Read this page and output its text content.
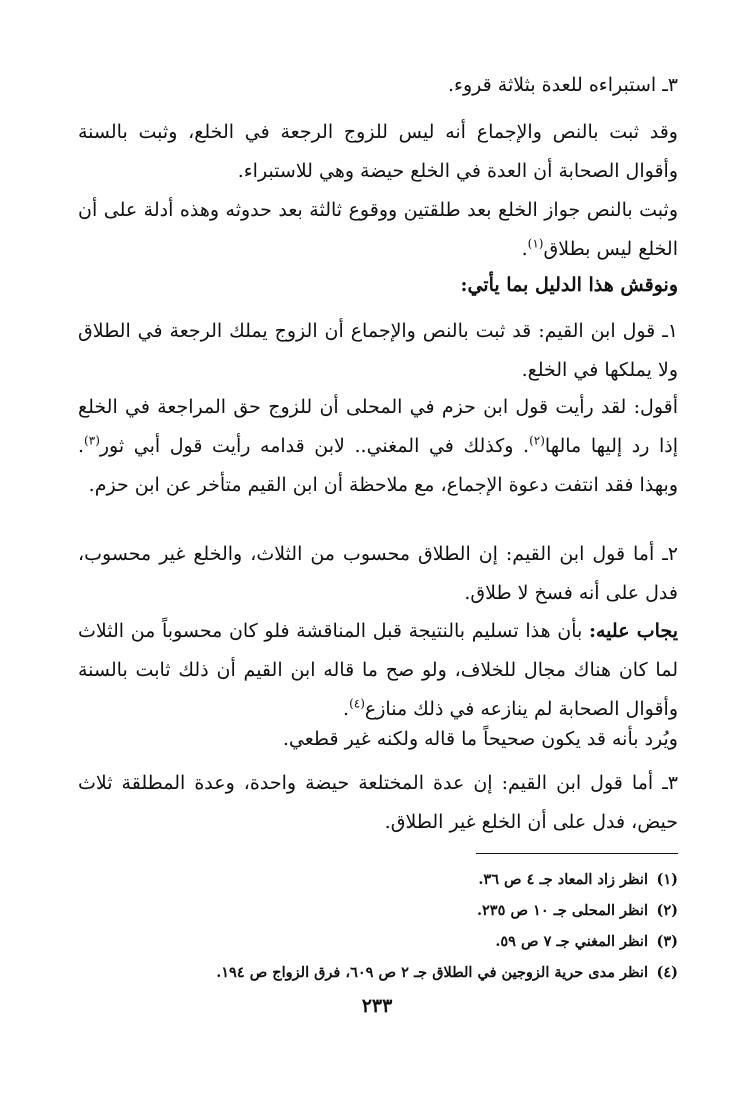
٣ـ استبراءه للعدة بثلاثة قروء.

وقد ثبت بالنص والإجماع أنه ليس للزوج الرجعة في الخلع، وثبت بالسنة وأقوال الصحابة أن العدة في الخلع حيضة وهي للاستبراء.

وثبت بالنص جواز الخلع بعد طلقتين ووقوع ثالثة بعد حدوثه وهذه أدلة على أن الخلع ليس بطلاق$^{(١)}$.

ونوقش هذا الدليل بما يأتي:

١ـ قول ابن القيم: قد ثبت بالنص والإجماع أن الزوج يملك الرجعة في الطلاق ولا يملكها في الخلع.

أقول: لقد رأيت قول ابن حزم في المحلى أن للزوج حق المراجعة في الخلع إذا رد إليها مالها$^{(٢)}$. وكذلك في المغني.. لابن قدامه رأيت قول أبي ثور$^{(٣)}$. وبهذا فقد انتفت دعوة الإجماع، مع ملاحظة أن ابن القيم متأخر عن ابن حزم.

٢ـ أما قول ابن القيم: إن الطلاق محسوب من الثلاث، والخلع غير محسوب، فدل على أنه فسخ لا طلاق.

يجاب عليه: بأن هذا تسليم بالنتيجة قبل المناقشة فلو كان محسوباً من الثلاث لما كان هناك مجال للخلاف، ولو صح ما قاله ابن القيم أن ذلك ثابت بالسنة وأقوال الصحابة لم ينازعه في ذلك منازع$^{(٤)}$.

ويُرد بأنه قد يكون صحيحاً ما قاله ولكنه غير قطعي.

٣ـ أما قول ابن القيم: إن عدة المختلعة حيضة واحدة، وعدة المطلقة ثلاث حيض، فدل على أن الخلع غير الطلاق.

(١)انظر زاد المعاد جـ ٤ ص ٣٦.

(٢)انظر المحلى جـ ١٠ ص ٢٣٥.

(٣)انظر المغني جـ ٧ ص ٥٩.

(٤)انظر مدى حرية الزوجين في الطلاق جـ ٢ ص ٦٠٩، فرق الزواج ص ١٩٤.

٢٣٣
